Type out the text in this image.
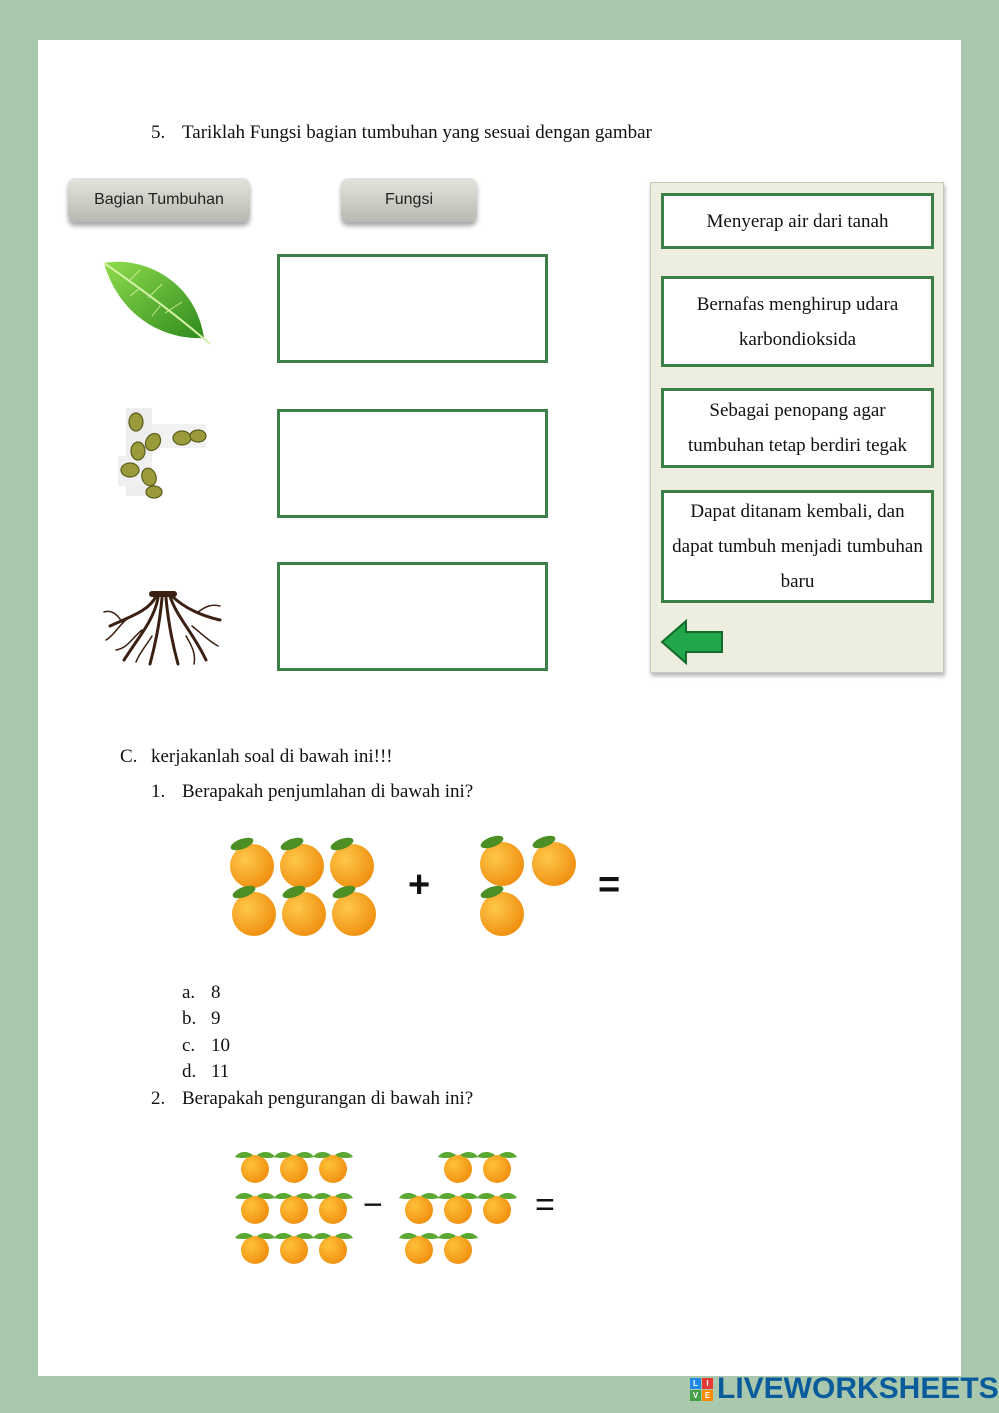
5. Tariklah Fungsi bagian tumbuhan yang sesuai dengan gambar
Bagian Tumbuhan	Fungsi
Menyerap air dari tanah
Bernafas menghirup udara karbondioksida
Sebagai penopang agar tumbuhan tetap berdiri tegak
Dapat ditanam kembali, dan dapat tumbuh menjadi tumbuhan baru
C. kerjakanlah soal di bawah ini!!!
1. Berapakah penjumlahan di bawah ini?
+	=
a. 8
b. 9
c. 10
d. 11
2. Berapakah pengurangan di bawah ini?
−	=
L	I
V E LIVEWORKSHEETS
